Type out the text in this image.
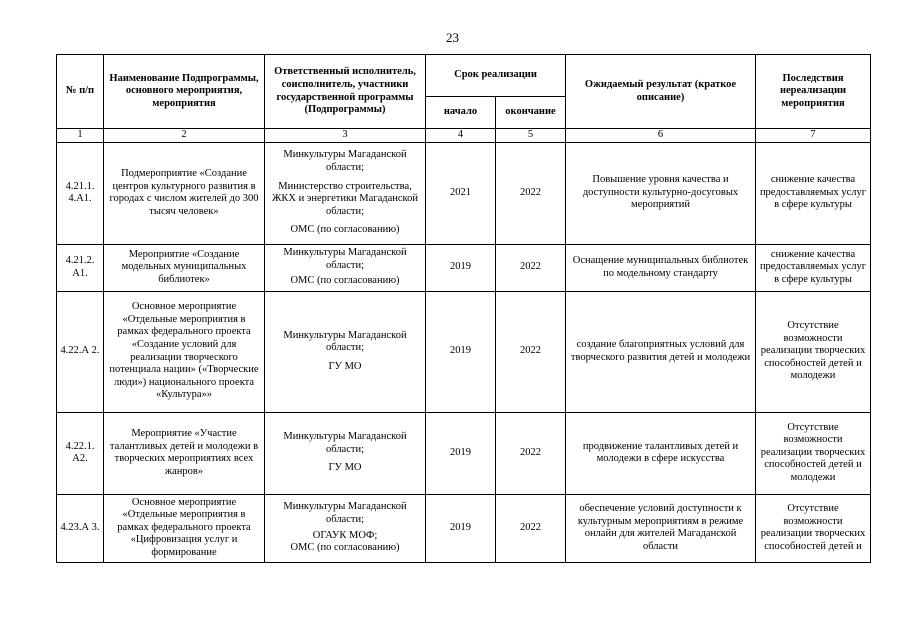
23
№ п/п	Наименование Подпрограммы, основного мероприятия, мероприятия	Ответственный исполнитель, соисполнитель, участники государственной программы (Подпрограммы)	Срок реализации		Ожидаемый результат (краткое описание)	Последствия нереализации мероприятия
			начало	окончание		
1	2	3	4	5	6	7
4.21.1. 4.А1.	Подмероприятие «Создание центров культурного развития в городах с числом жителей до 300 тысяч человек»	Минкультуры Магаданской области;
Министерство строительства, ЖКХ и энергетики Магаданской области;
ОМС (по согласованию)	2021	2022	Повышение уровня качества и доступности культурно-досуговых мероприятий	снижение качества предоставляемых услуг в сфере культуры
4.21.2. А1.	Мероприятие «Создание модельных муниципальных библиотек»	Минкультуры Магаданской области;
ОМС (по согласованию)	2019	2022	Оснащение муниципальных библиотек по модельному стандарту	снижение качества предоставляемых услуг в сфере культуры
4.22.А 2.	Основное мероприятие «Отдельные мероприятия в рамках федерального проекта «Создание условий для реализации творческого потенциала нации» («Творческие люди») национального проекта «Культура»»	Минкультуры Магаданской области;
ГУ МО	2019	2022	создание благоприятных условий для творческого развития детей и молодежи	Отсутствие возможности реализации творческих способностей детей и молодежи
4.22.1. А2.	Мероприятие «Участие талантливых детей и молодежи в творческих мероприятиях всех жанров»	Минкультуры Магаданской области;
ГУ МО	2019	2022	продвижение талантливых детей и молодежи в сфере искусства	Отсутствие возможности реализации творческих способностей детей и молодежи
4.23.А 3.	Основное мероприятие «Отдельные мероприятия в рамках федерального проекта «Цифровизация услуг и формирование	Минкультуры Магаданской области;
ОГАУК МОФ;
ОМС (по согласованию)	2019	2022	обеспечение условий доступности к культурным мероприятиям в режиме онлайн для жителей Магаданской области	Отсутствие возможности реализации творческих способностей детей и
